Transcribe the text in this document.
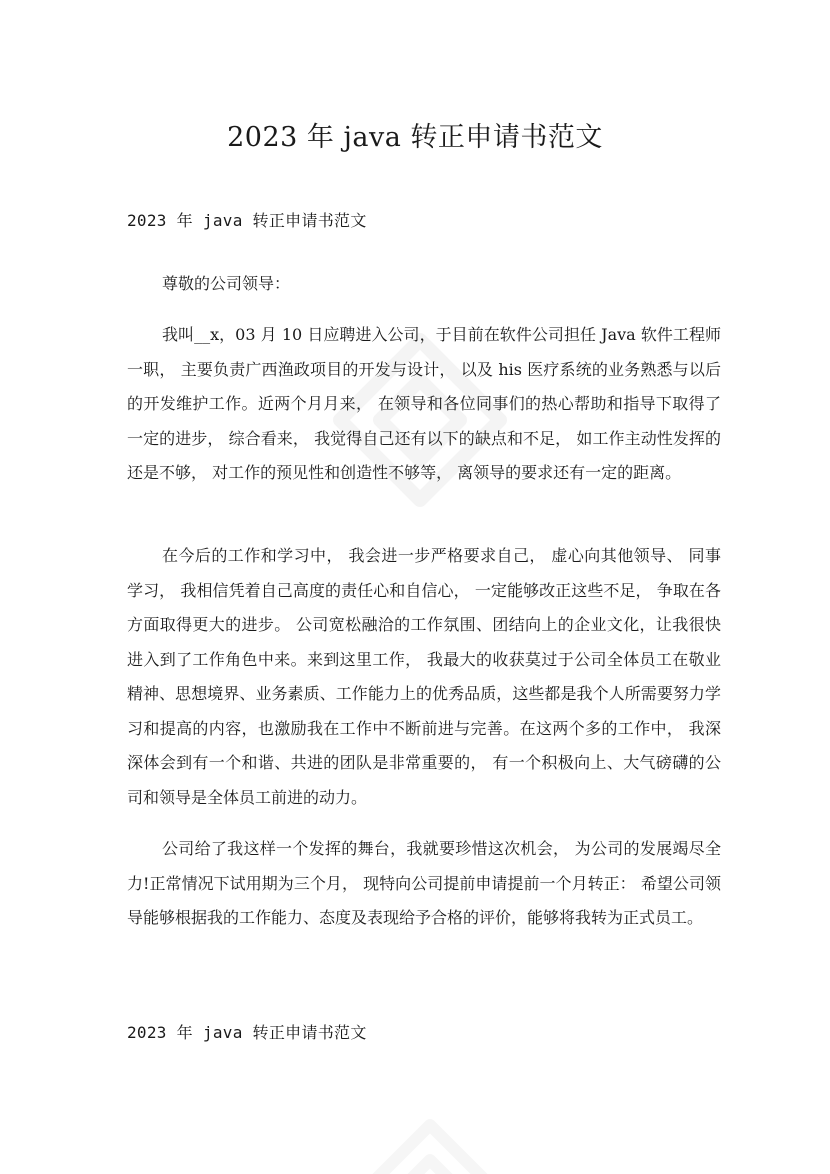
2023 年 java 转正申请书范文
2023 年 java 转正申请书范文
尊敬的公司领导：

我叫__x，03 月 10 日应聘进入公司，于目前在软件公司担任 Java 软件工程师一职， 主要负责广西渔政项目的开发与设计， 以及 his 医疗系统的业务熟悉与以后的开发维护工作。近两个月月来， 在领导和各位同事们的热心帮助和指导下取得了一定的进步， 综合看来， 我觉得自己还有以下的缺点和不足， 如工作主动性发挥的还是不够， 对工作的预见性和创造性不够等， 离领导的要求还有一定的距离。

在今后的工作和学习中， 我会进一步严格要求自己， 虚心向其他领导、 同事学习， 我相信凭着自己高度的责任心和自信心， 一定能够改正这些不足， 争取在各方面取得更大的进步。 公司宽松融洽的工作氛围、团结向上的企业文化，让我很快进入到了工作角色中来。来到这里工作， 我最大的收获莫过于公司全体员工在敬业精神、思想境界、业务素质、工作能力上的优秀品质，这些都是我个人所需要努力学习和提高的内容，也激励我在工作中不断前进与完善。在这两个多的工作中， 我深深体会到有一个和谐、共进的团队是非常重要的， 有一个积极向上、大气磅礴的公司和领导是全体员工前进的动力。

公司给了我这样一个发挥的舞台，我就要珍惜这次机会， 为公司的发展竭尽全力!正常情况下试用期为三个月， 现特向公司提前申请提前一个月转正： 希望公司领导能够根据我的工作能力、态度及表现给予合格的评价，能够将我转为正式员工。

2023 年 java 转正申请书范文
